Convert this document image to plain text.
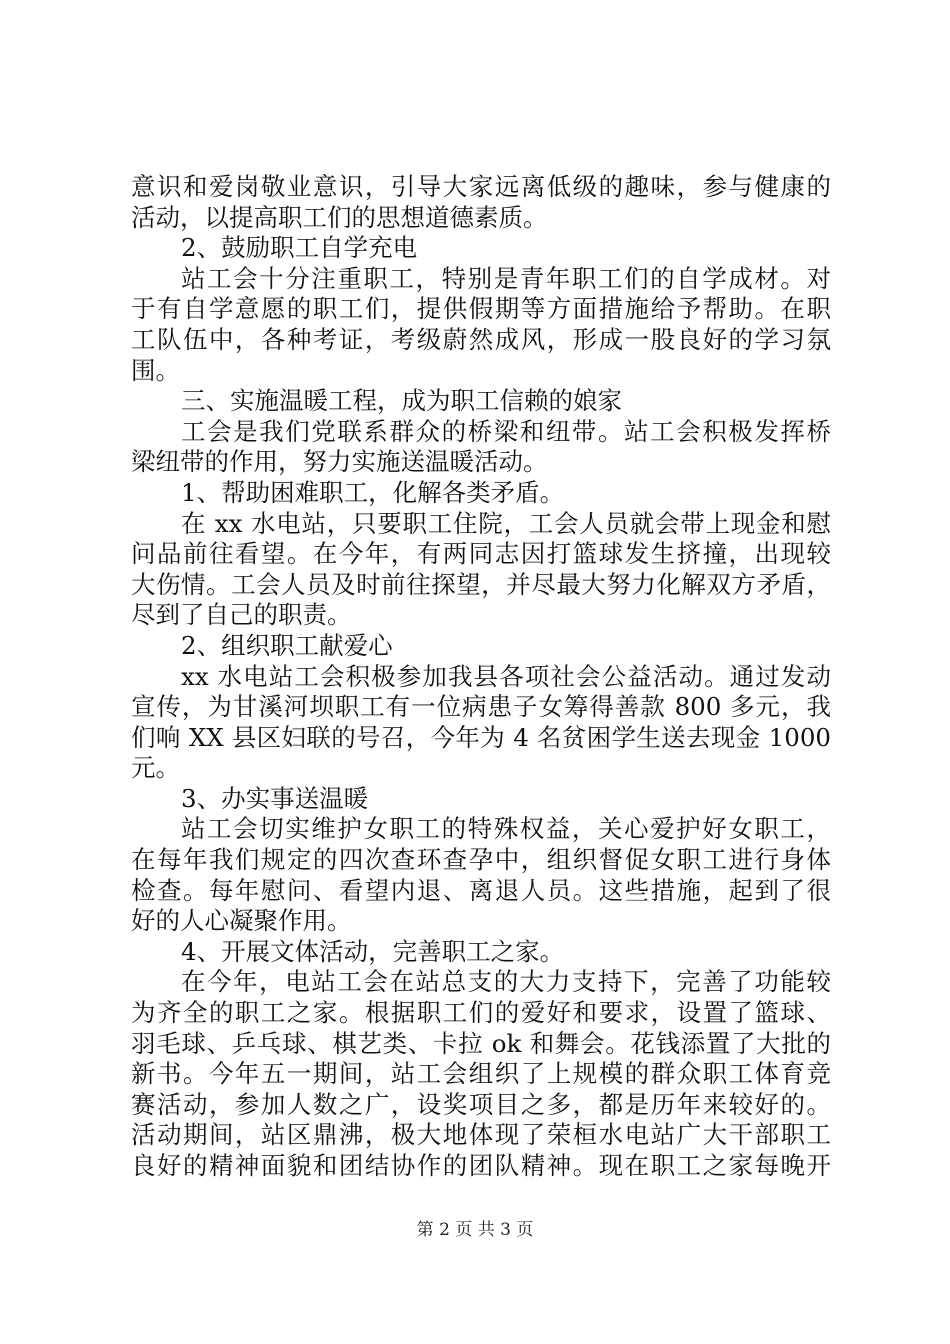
意识和爱岗敬业意识，引导大家远离低级的趣味，参与健康的
活动，以提高职工们的思想道德素质。
2、鼓励职工自学充电
站工会十分注重职工，特别是青年职工们的自学成材。对
于有自学意愿的职工们，提供假期等方面措施给予帮助。在职
工队伍中，各种考证，考级蔚然成风，形成一股良好的学习氛
围。
三、实施温暖工程，成为职工信赖的娘家
工会是我们党联系群众的桥梁和纽带。站工会积极发挥桥
梁纽带的作用，努力实施送温暖活动。
1、帮助困难职工，化解各类矛盾。
在 xx 水电站，只要职工住院，工会人员就会带上现金和慰
问品前往看望。在今年，有两同志因打篮球发生挤撞，出现较
大伤情。工会人员及时前往探望，并尽最大努力化解双方矛盾，
尽到了自己的职责。
2、组织职工献爱心
xx 水电站工会积极参加我县各项社会公益活动。通过发动
宣传，为甘溪河坝职工有一位病患子女筹得善款 800 多元，我
们响 XX 县区妇联的号召，今年为 4 名贫困学生送去现金 1000
元。
3、办实事送温暖
站工会切实维护女职工的特殊权益，关心爱护好女职工，
在每年我们规定的四次查环查孕中，组织督促女职工进行身体
检查。每年慰问、看望内退、离退人员。这些措施，起到了很
好的人心凝聚作用。
4、开展文体活动，完善职工之家。
在今年，电站工会在站总支的大力支持下，完善了功能较
为齐全的职工之家。根据职工们的爱好和要求，设置了篮球、
羽毛球、乒乓球、棋艺类、卡拉 ok 和舞会。花钱添置了大批的
新书。今年五一期间，站工会组织了上规模的群众职工体育竞
赛活动，参加人数之广，设奖项目之多，都是历年来较好的。
活动期间，站区鼎沸，极大地体现了荣桓水电站广大干部职工
良好的精神面貌和团结协作的团队精神。现在职工之家每晚开
第 2 页 共 3 页
